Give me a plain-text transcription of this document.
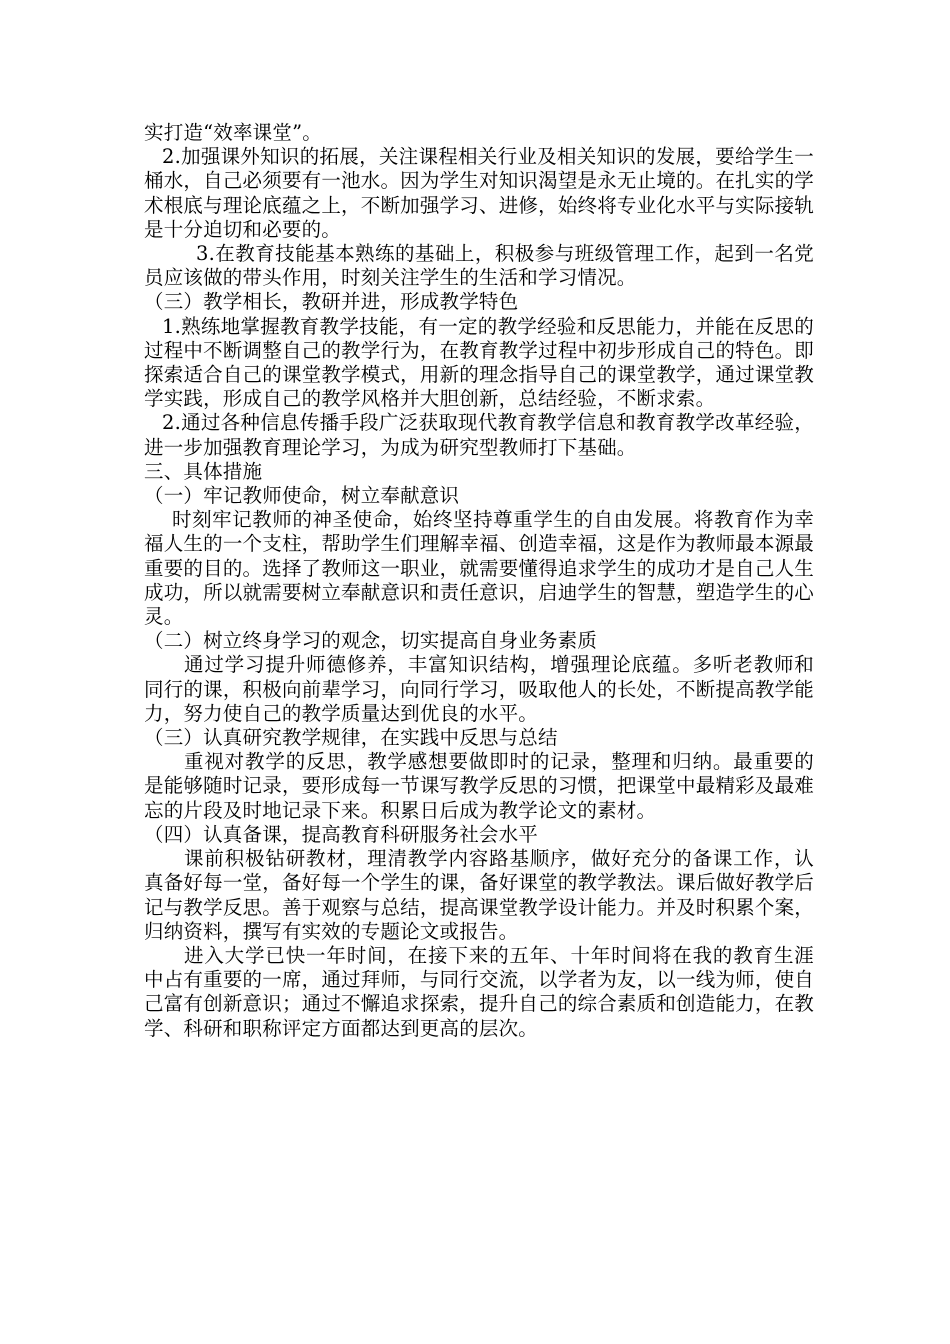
实打造“效率课堂”。

2.加强课外知识的拓展，关注课程相关行业及相关知识的发展，要给学生一桶水，自己必须要有一池水。因为学生对知识渴望是永无止境的。在扎实的学术根底与理论底蕴之上，不断加强学习、进修，始终将专业化水平与实际接轨是十分迫切和必要的。

3.在教育技能基本熟练的基础上，积极参与班级管理工作，起到一名党员应该做的带头作用，时刻关注学生的生活和学习情况。

（三）教学相长，教研并进，形成教学特色

1.熟练地掌握教育教学技能，有一定的教学经验和反思能力，并能在反思的过程中不断调整自己的教学行为，在教育教学过程中初步形成自己的特色。即探索适合自己的课堂教学模式，用新的理念指导自己的课堂教学，通过课堂教学实践，形成自己的教学风格并大胆创新，总结经验，不断求索。

2.通过各种信息传播手段广泛获取现代教育教学信息和教育教学改革经验，进一步加强教育理论学习，为成为研究型教师打下基础。

三、具体措施

（一）牢记教师使命，树立奉献意识

时刻牢记教师的神圣使命，始终坚持尊重学生的自由发展。将教育作为幸福人生的一个支柱，帮助学生们理解幸福、创造幸福，这是作为教师最本源最重要的目的。选择了教师这一职业，就需要懂得追求学生的成功才是自己人生成功，所以就需要树立奉献意识和责任意识，启迪学生的智慧，塑造学生的心灵。

（二）树立终身学习的观念，切实提高自身业务素质

通过学习提升师德修养，丰富知识结构，增强理论底蕴。多听老教师和同行的课，积极向前辈学习，向同行学习，吸取他人的长处，不断提高教学能力，努力使自己的教学质量达到优良的水平。

（三）认真研究教学规律，在实践中反思与总结

重视对教学的反思，教学感想要做即时的记录，整理和归纳。最重要的是能够随时记录，要形成每一节课写教学反思的习惯，把课堂中最精彩及最难忘的片段及时地记录下来。积累日后成为教学论文的素材。

（四）认真备课，提高教育科研服务社会水平

课前积极钻研教材，理清教学内容路基顺序，做好充分的备课工作，认真备好每一堂，备好每一个学生的课，备好课堂的教学教法。课后做好教学后记与教学反思。善于观察与总结，提高课堂教学设计能力。并及时积累个案，归纳资料，撰写有实效的专题论文或报告。

进入大学已快一年时间，在接下来的五年、十年时间将在我的教育生涯中占有重要的一席，通过拜师，与同行交流，以学者为友，以一线为师，使自己富有创新意识；通过不懈追求探索，提升自己的综合素质和创造能力，在教学、科研和职称评定方面都达到更高的层次。
